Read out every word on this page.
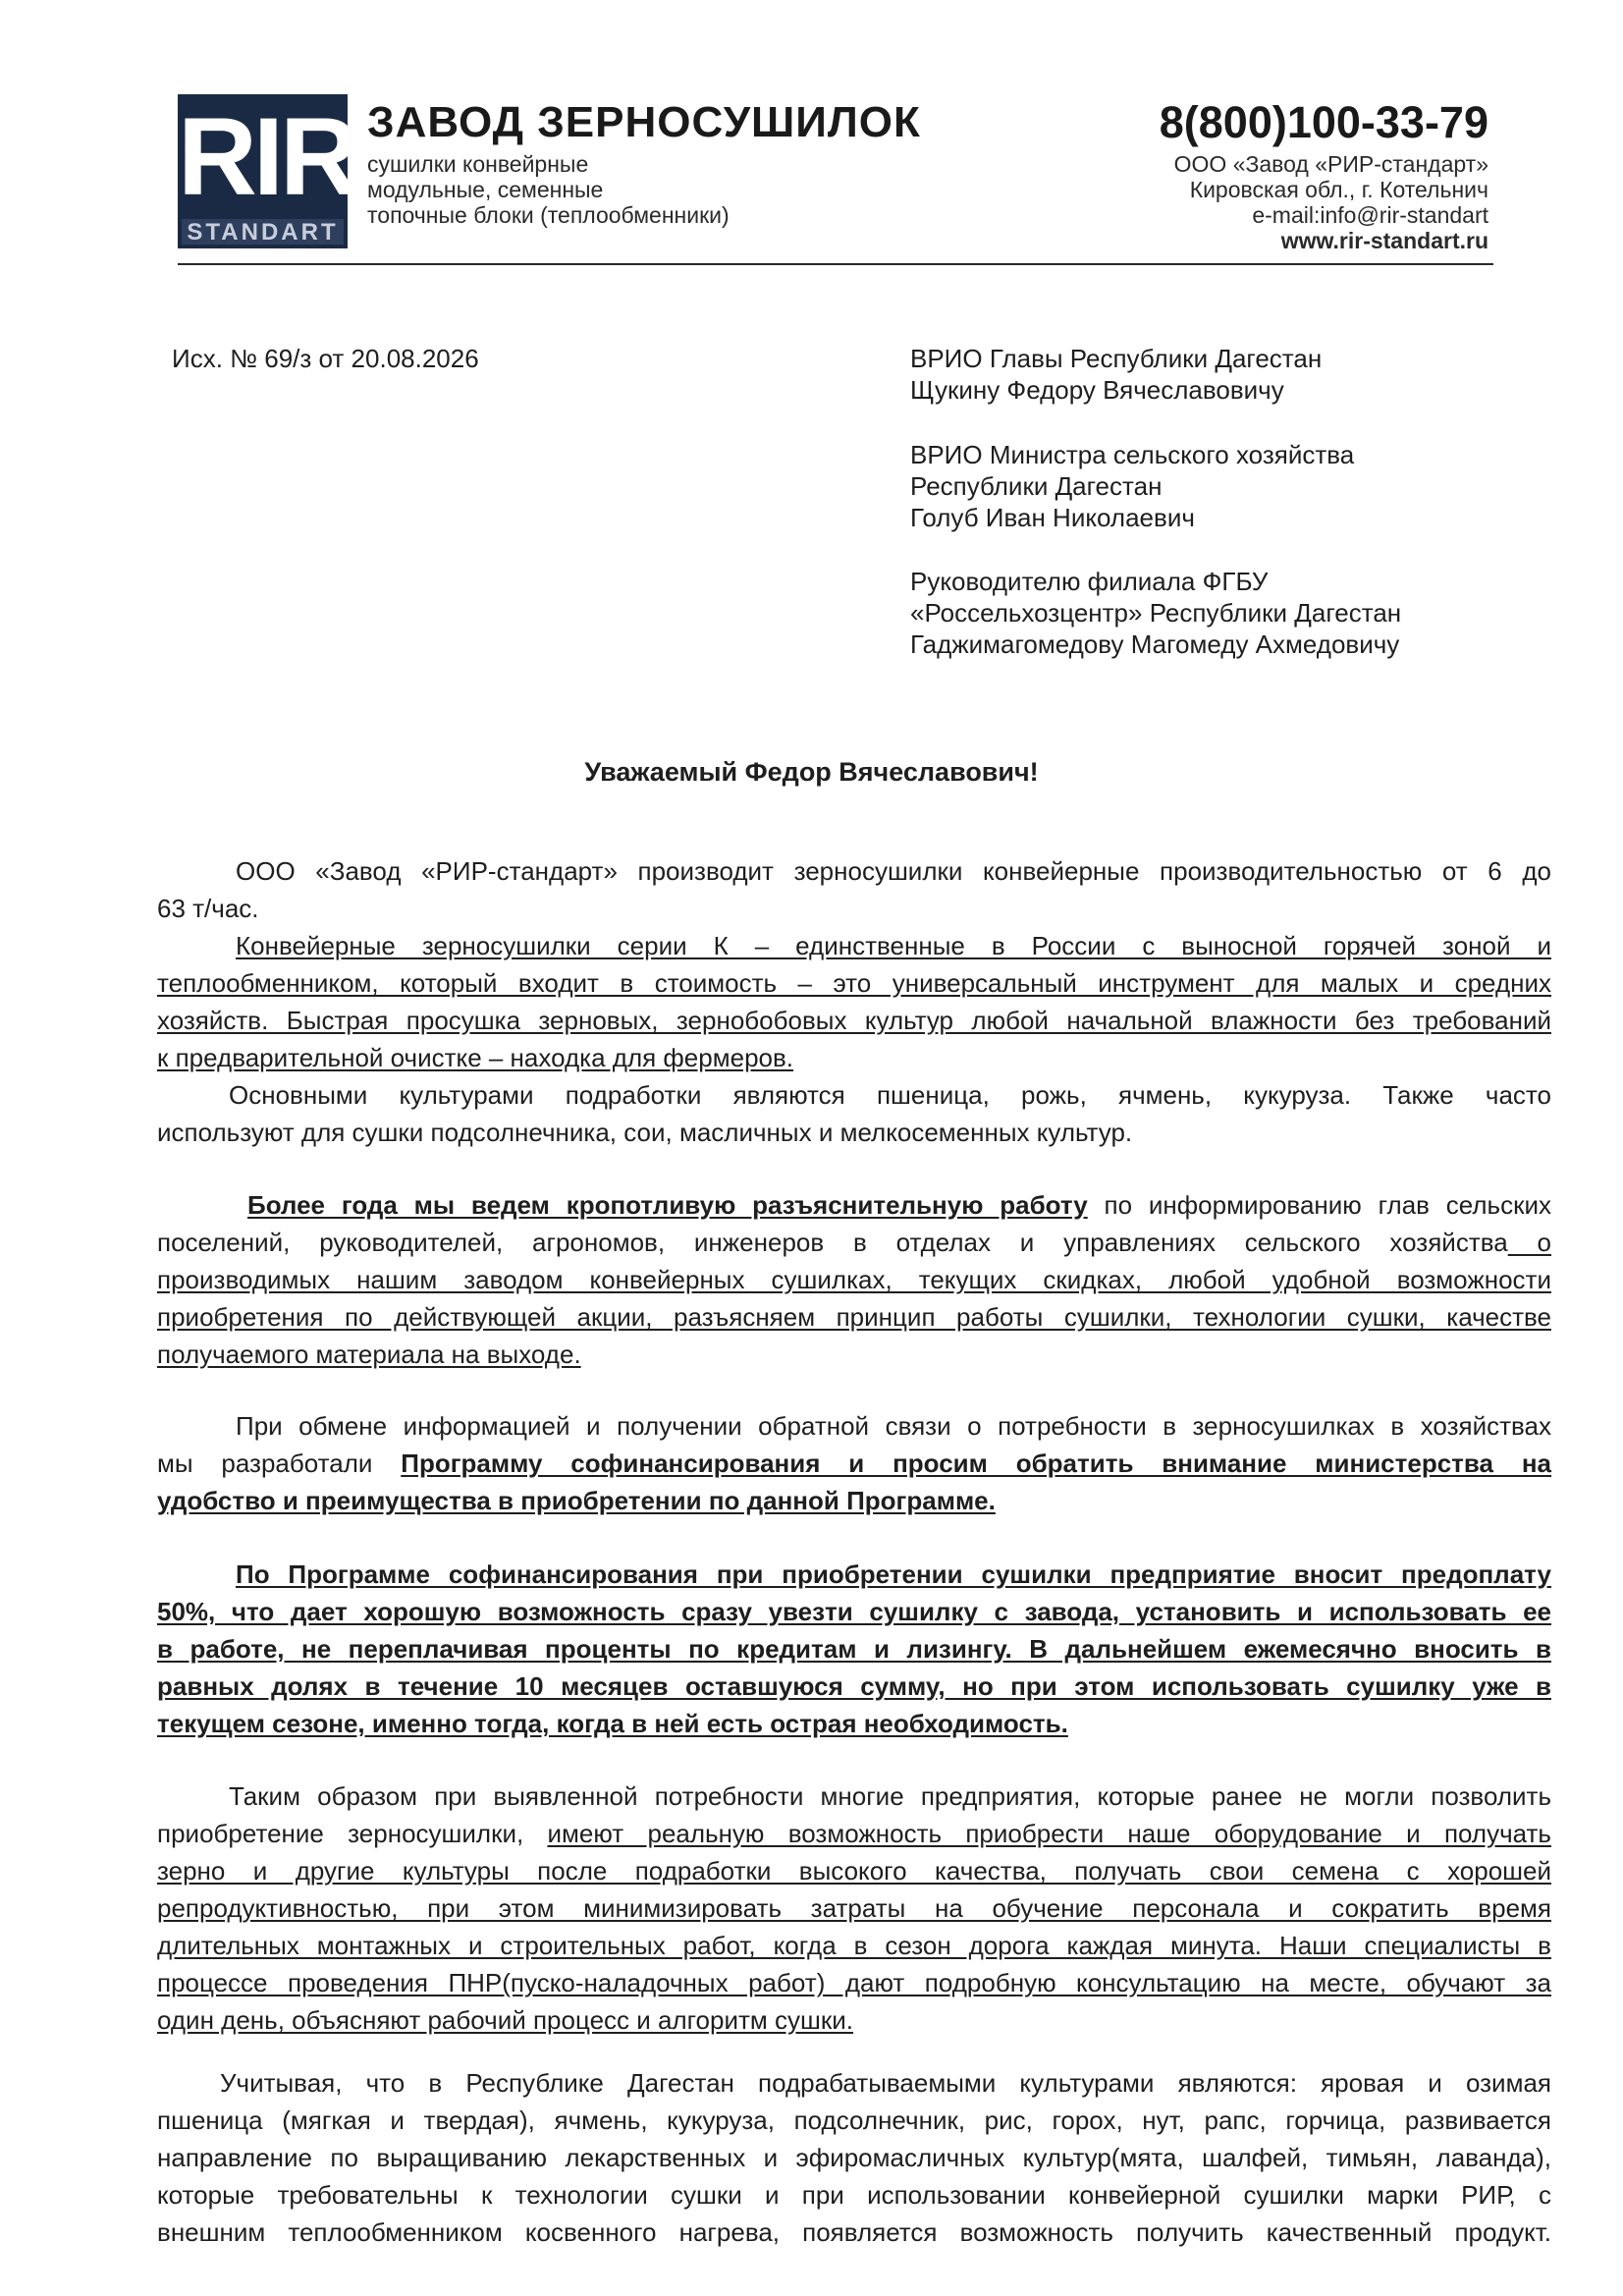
RIR
STANDART
ЗАВОД ЗЕРНОСУШИЛОК
сушилки конвейрные
модульные, семенные
топочные блоки (теплообменники)
8(800)100-33-79
ООО «Завод «РИР-стандарт»
Кировская обл., г. Котельнич
e-mail:info@rir-standart
www.rir-standart.ru
Исх. № 69/з от 20.08.2026	ВРИО Главы Республики Дагестан
Щукину Федору Вячеславовичу
ВРИО Министра сельского хозяйства
Республики Дагестан
Голуб Иван Николаевич
Руководителю филиала ФГБУ
«Россельхозцентр» Республики Дагестан
Гаджимагомедову Магомеду Ахмедовичу
Уважаемый Федор Вячеславович!
ООО «Завод «РИР-стандарт» производит зерносушилки конвейерные производительностью от 6 до
63 т/час.
Конвейерные зерносушилки серии К – единственные в России с выносной горячей зоной и
теплообменником, который входит в стоимость – это универсальный инструмент для малых и средних
хозяйств. Быстрая просушка зерновых, зернобобовых культур любой начальной влажности без требований
к предварительной очистке – находка для фермеров.
Основными культурами подработки являются пшеница, рожь, ячмень, кукуруза. Также часто
используют для сушки подсолнечника, сои, масличных и мелкосеменных культур.
Более года мы ведем кропотливую разъяснительную работу по информированию глав сельских
поселений, руководителей, агрономов, инженеров в отделах и управлениях сельского хозяйства о
производимых нашим заводом конвейерных сушилках, текущих скидках, любой удобной возможности
приобретения по действующей акции, разъясняем принцип работы сушилки, технологии сушки, качестве
получаемого материала на выходе.
При обмене информацией и получении обратной связи о потребности в зерносушилках в хозяйствах
мы разработали Программу софинансирования и просим обратить внимание министерства на
удобство и преимущества в приобретении по данной Программе.
По Программе софинансирования при приобретении сушилки предприятие вносит предоплату
50%, что дает хорошую возможность сразу увезти сушилку с завода, установить и использовать ее
в работе, не переплачивая проценты по кредитам и лизингу. В дальнейшем ежемесячно вносить в
равных долях в течение 10 месяцев оставшуюся сумму, но при этом использовать сушилку уже в
текущем сезоне, именно тогда, когда в ней есть острая необходимость.
Таким образом при выявленной потребности многие предприятия, которые ранее не могли позволить
приобретение зерносушилки, имеют реальную возможность приобрести наше оборудование и получать
зерно и другие культуры после подработки высокого качества, получать свои семена с хорошей
репродуктивностью, при этом минимизировать затраты на обучение персонала и сократить время
длительных монтажных и строительных работ, когда в сезон дорога каждая минута. Наши специалисты в
процессе проведения ПНР(пуско-наладочных работ) дают подробную консультацию на месте, обучают за
один день, объясняют рабочий процесс и алгоритм сушки.
Учитывая, что в Республике Дагестан подрабатываемыми культурами являются: яровая и озимая
пшеница (мягкая и твердая), ячмень, кукуруза, подсолнечник, рис, горох, нут, рапс, горчица, развивается
направление по выращиванию лекарственных и эфиромасличных культур(мята, шалфей, тимьян, лаванда),
которые требовательны к технологии сушки и при использовании конвейерной сушилки марки РИР, с
внешним теплообменником косвенного нагрева, появляется возможность получить качественный продукт.
